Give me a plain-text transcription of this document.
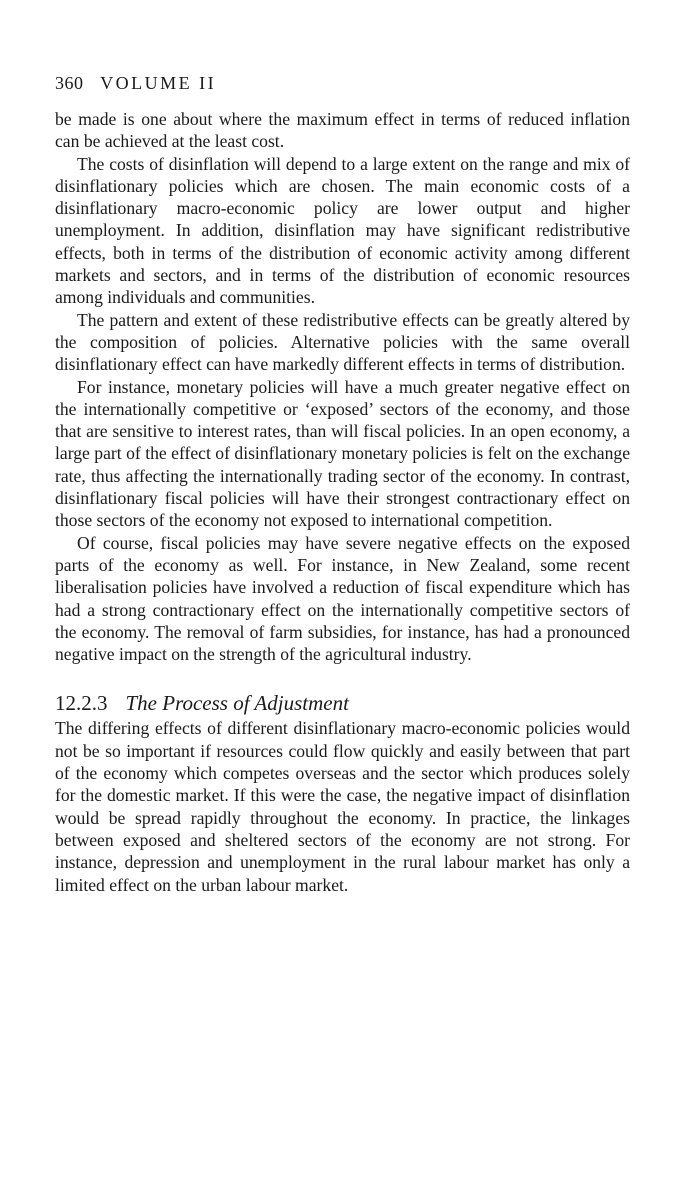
360 VOLUME II

be made is one about where the maximum effect in terms of reduced inflation can be achieved at the least cost.

The costs of disinflation will depend to a large extent on the range and mix of disinflationary policies which are chosen. The main economic costs of a disinflationary macro-economic policy are lower output and higher unemployment. In addition, disinflation may have significant redistributive effects, both in terms of the distribution of economic activity among different markets and sectors, and in terms of the distribution of economic resources among individuals and communities.

The pattern and extent of these redistributive effects can be greatly altered by the composition of policies. Alternative policies with the same overall disinflationary effect can have markedly different effects in terms of distribution.

For instance, monetary policies will have a much greater negative effect on the internationally competitive or ‘exposed’ sectors of the economy, and those that are sensitive to interest rates, than will fiscal policies. In an open economy, a large part of the effect of disinflationary monetary policies is felt on the exchange rate, thus affecting the internationally trading sector of the economy. In contrast, disinflationary fiscal policies will have their strongest contractionary effect on those sectors of the economy not exposed to international competition.

Of course, fiscal policies may have severe negative effects on the exposed parts of the economy as well. For instance, in New Zealand, some recent liberalisation policies have involved a reduction of fiscal expenditure which has had a strong contractionary effect on the internationally competitive sectors of the economy. The removal of farm subsidies, for instance, has had a pronounced negative impact on the strength of the agricultural industry.

12.2.3 The Process of Adjustment

The differing effects of different disinflationary macro-economic policies would not be so important if resources could flow quickly and easily between that part of the economy which competes overseas and the sector which produces solely for the domestic market. If this were the case, the negative impact of disinflation would be spread rapidly throughout the economy. In practice, the linkages between exposed and sheltered sectors of the economy are not strong. For instance, depression and unemployment in the rural labour market has only a limited effect on the urban labour market.
